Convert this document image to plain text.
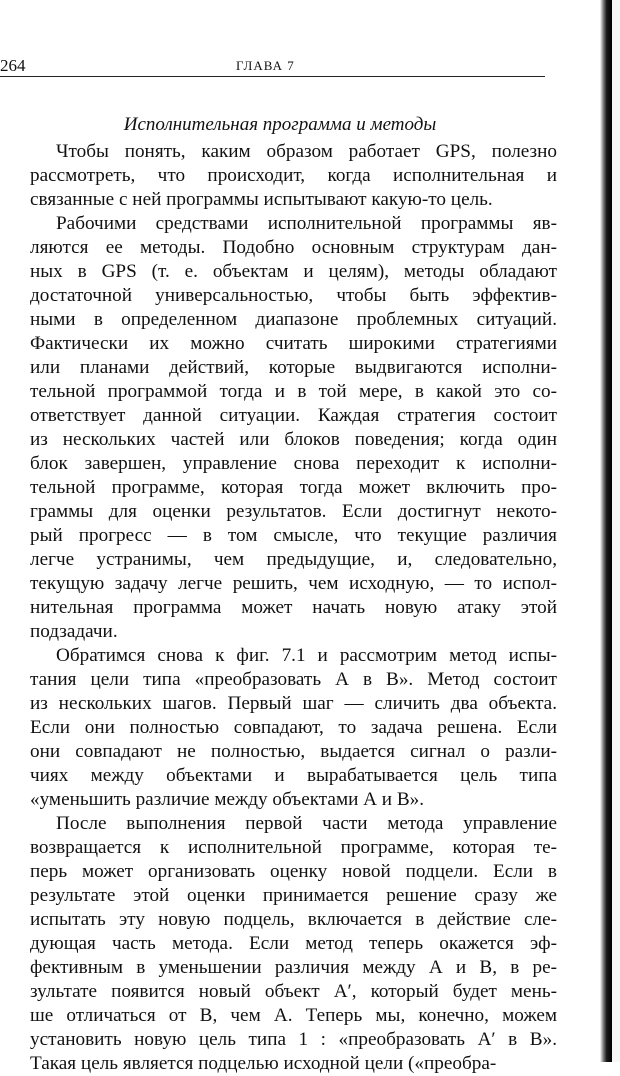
264	ГЛАВА 7
Исполнительная программа и методы

Чтобы понять, каким образом работает GPS, полезно
рассмотреть, что происходит, когда исполнительная и
связанные с ней программы испытывают какую-то цель.

Рабочими средствами исполнительной программы яв-
ляются ее методы. Подобно основным структурам дан-
ных в GPS (т. е. объектам и целям), методы обладают
достаточной универсальностью, чтобы быть эффектив-
ными в определенном диапазоне проблемных ситуаций.
Фактически их можно считать широкими стратегиями
или планами действий, которые выдвигаются исполни-
тельной программой тогда и в той мере, в какой это со-
ответствует данной ситуации. Каждая стратегия состоит
из нескольких частей или блоков поведения; когда один
блок завершен, управление снова переходит к исполни-
тельной программе, которая тогда может включить про-
граммы для оценки результатов. Если достигнут некото-
рый прогресс — в том смысле, что текущие различия
легче устранимы, чем предыдущие, и, следовательно,
текущую задачу легче решить, чем исходную, — то испол-
нительная программа может начать новую атаку этой
подзадачи.

Обратимся снова к фиг. 7.1 и рассмотрим метод испы-
тания цели типа «преобразовать А в В». Метод состоит
из нескольких шагов. Первый шаг — сличить два объекта.
Если они полностью совпадают, то задача решена. Если
они совпадают не полностью, выдается сигнал о разли-
чиях между объектами и вырабатывается цель типа
«уменьшить различие между объектами А и В».

После выполнения первой части метода управление
возвращается к исполнительной программе, которая те-
перь может организовать оценку новой подцели. Если в
результате этой оценки принимается решение сразу же
испытать эту новую подцель, включается в действие сле-
дующая часть метода. Если метод теперь окажется эф-
фективным в уменьшении различия между А и В, в ре-
зультате появится новый объект А′, который будет мень-
ше отличаться от В, чем А. Теперь мы, конечно, можем
установить новую цель типа 1 : «преобразовать А′ в В».
Такая цель является подцелью исходной цели («преобра-
